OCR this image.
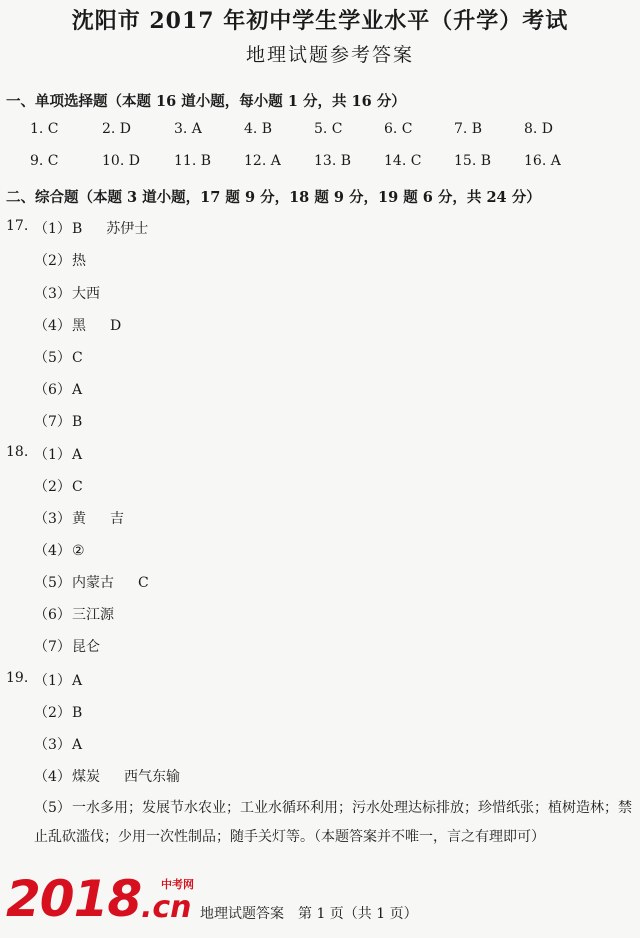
沈阳市 2017 年初中学生学业水平（升学）考试
地理试题参考答案
一、单项选择题（本题 16 道小题，每小题 1 分，共 16 分）
1. C	2. D	3. A	4. B	5. C	6. C	7. B	8. D
9. C	10. D 11. B 12. A 13. B 14. C 15. B 16. A
二、综合题（本题 3 道小题，17 题 9 分，18 题 9 分，19 题 6 分，共 24 分）
17. （1）B 苏伊士
（2）热
（3）大西
（4）黑 D
（5）C
（6）A
（7）B
18. （1）A
（2）C
（3）黄 吉
（4）②
（5）内蒙古 C
（6）三江源
（7）昆仑
19. （1）A
（2）B
（3）A
（4）煤炭 西气东输
（5）一水多用；发展节水农业；工业水循环利用；污水处理达标排放；珍惜纸张；植树造林；禁止乱砍滥伐；少用一次性制品；随手关灯等。（本题答案并不唯一，言之有理即可）
2018 中考网
.cn 地理试题答案　第 1 页（共 1 页）
